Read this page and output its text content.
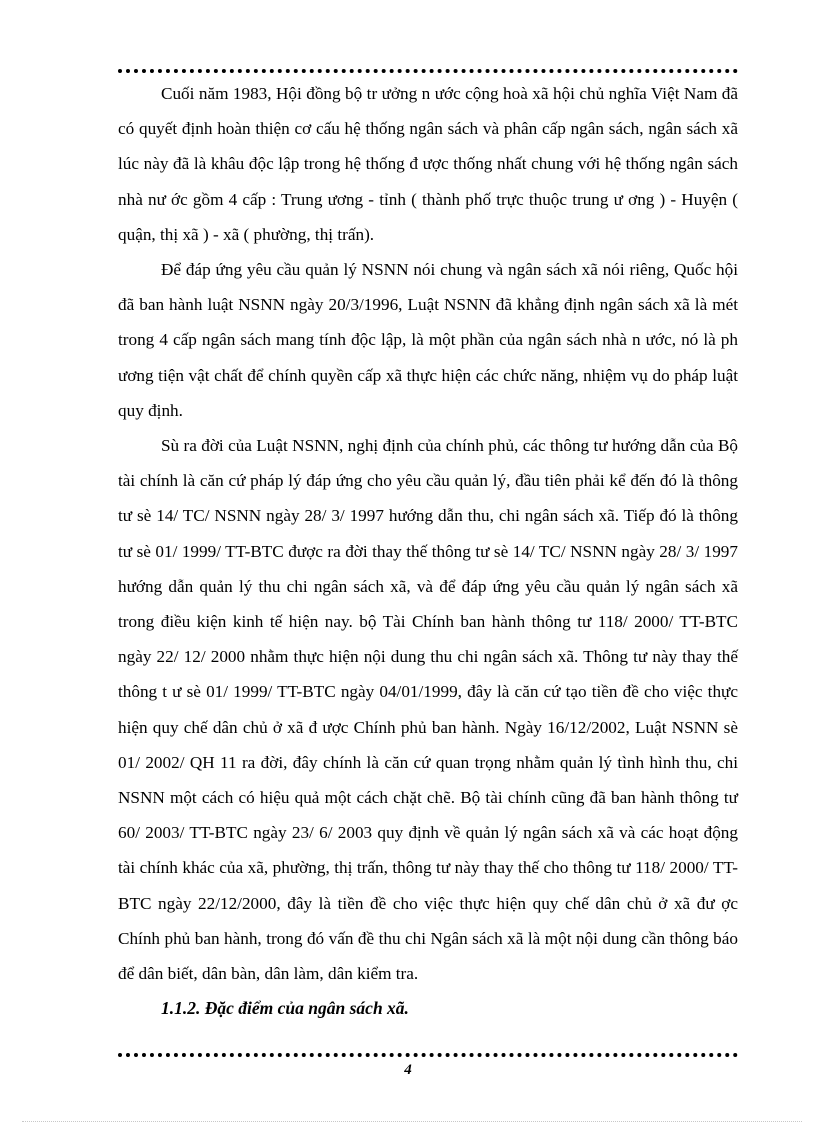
Cuối năm 1983, Hội đồng bộ tr ưởng n ước cộng hoà xã hội chủ nghĩa Việt Nam đã có quyết định hoàn thiện cơ cấu hệ thống ngân sách và phân cấp ngân sách, ngân sách xã lúc này đã là khâu độc lập trong hệ thống đ ược thống nhất chung với hệ thống ngân sách nhà nư ớc gồm 4 cấp : Trung ương - tỉnh ( thành phố trực thuộc trung ư ơng ) - Huyện ( quận, thị xã ) - xã ( phường, thị trấn).

Để đáp ứng yêu cầu quản lý NSNN nói chung và ngân sách xã nói riêng, Quốc hội đã ban hành luật NSNN ngày 20/3/1996, Luật NSNN đã khẳng định ngân sách xã là mét trong 4 cấp ngân sách mang tính độc lập, là một phần của ngân sách nhà n ước, nó là ph ương tiện vật chất để chính quyền cấp xã thực hiện các chức năng, nhiệm vụ do pháp luật quy định.

Sù ra đời của Luật NSNN, nghị định của chính phủ, các thông tư hướng dẫn của Bộ tài chính là căn cứ pháp lý đáp ứng cho yêu cầu quản lý, đầu tiên phải kể đến đó là thông tư sè 14/ TC/ NSNN ngày 28/ 3/ 1997 hướng dẫn thu, chi ngân sách xã. Tiếp đó là thông tư sè 01/ 1999/ TT-BTC được ra đời thay thế thông tư sè 14/ TC/ NSNN ngày 28/ 3/ 1997 hướng dẫn quản lý thu chi ngân sách xã, và để đáp ứng yêu cầu quản lý ngân sách xã trong điều kiện kinh tế hiện nay. bộ Tài Chính ban hành thông tư 118/ 2000/ TT-BTC ngày 22/ 12/ 2000 nhằm thực hiện nội dung thu chi ngân sách xã. Thông tư này thay thế thông t ư sè 01/ 1999/ TT-BTC ngày 04/01/1999, đây là căn cứ tạo tiền đề cho việc thực hiện quy chế dân chủ ở xã đ ược Chính phủ ban hành. Ngày 16/12/2002, Luật NSNN sè 01/ 2002/ QH 11 ra đời, đây chính là căn cứ quan trọng nhằm quản lý tình hình thu, chi NSNN một cách có hiệu quả một cách chặt chẽ. Bộ tài chính cũng đã ban hành thông tư 60/ 2003/ TT-BTC ngày 23/ 6/ 2003 quy định về quản lý ngân sách xã và các hoạt động tài chính khác của xã, phường, thị trấn, thông tư này thay thế cho thông tư 118/ 2000/ TT-BTC ngày 22/12/2000, đây là tiền đề cho việc thực hiện quy chế dân chủ ở xã đư ợc Chính phủ ban hành, trong đó vấn đề thu chi Ngân sách xã là một nội dung cần thông báo để dân biết, dân bàn, dân làm, dân kiểm tra.

1.1.2. Đặc điểm của ngân sách xã.

4
